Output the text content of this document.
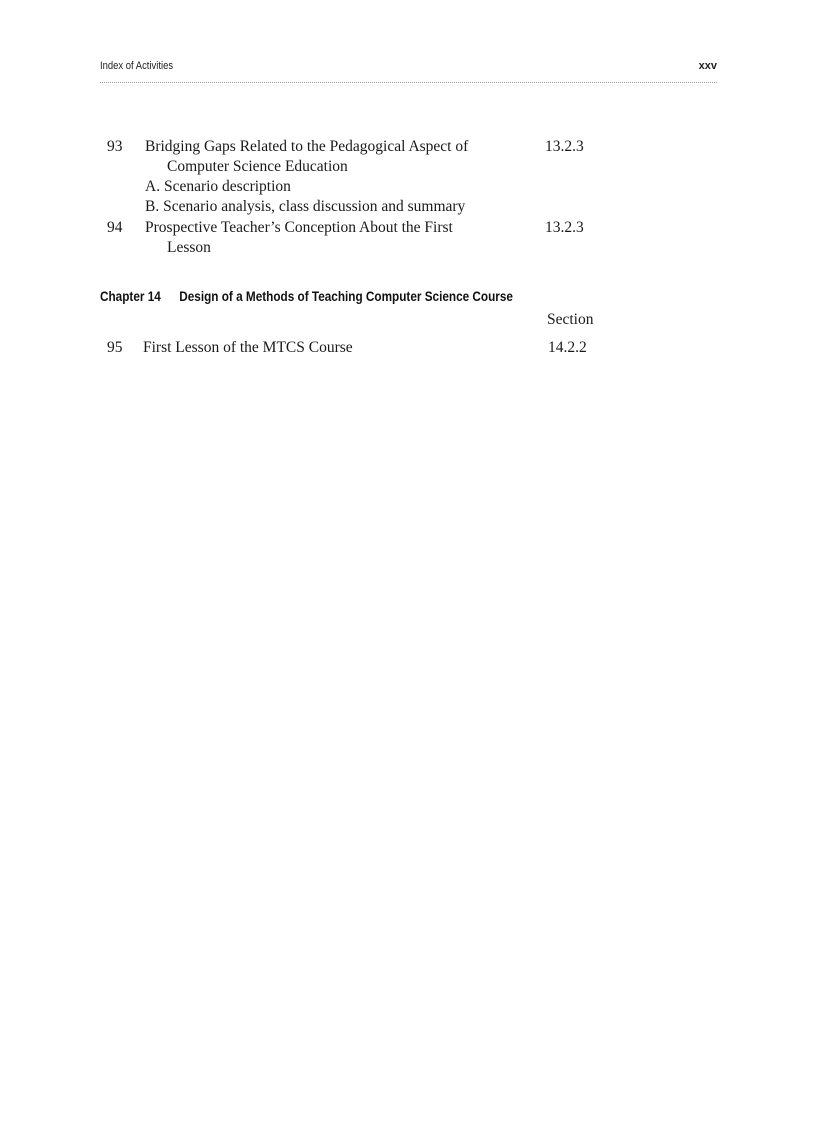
Index of Activities	xxv
93 Bridging Gaps Related to the Pedagogical Aspect of	13.2.3
Computer Science Education
A. Scenario description
B. Scenario analysis, class discussion and summary
94 Prospective Teacher’s Conception About the First	13.2.3
Lesson
Chapter 14 Design of a Methods of Teaching Computer Science Course
Section
95 First Lesson of the MTCS Course	14.2.2
